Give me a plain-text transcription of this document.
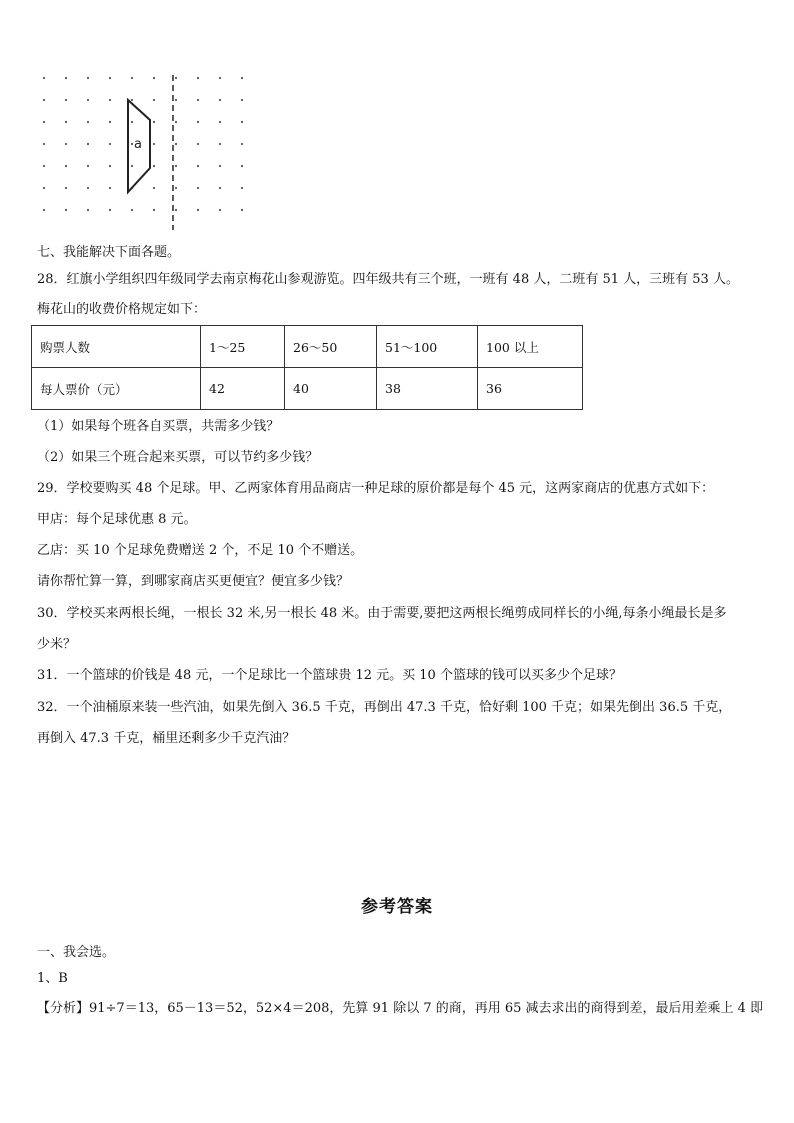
a
七、我能解决下面各题。
28．红旗小学组织四年级同学去南京梅花山参观游览。四年级共有三个班，一班有 48 人，二班有 51 人，三班有 53 人。
梅花山的收费价格规定如下：
购票人数	1～25	26～50	51～100	100 以上
每人票价（元）	42	40	38	36
（1）如果每个班各自买票，共需多少钱？
（2）如果三个班合起来买票，可以节约多少钱？
29．学校要购买 48 个足球。甲、乙两家体育用品商店一种足球的原价都是每个 45 元，这两家商店的优惠方式如下：
甲店：每个足球优惠 8 元。
乙店：买 10 个足球免费赠送 2 个，不足 10 个不赠送。
请你帮忙算一算，到哪家商店买更便宜？便宜多少钱？
30．学校买来两根长绳，一根长 32 米,另一根长 48 米。由于需要,要把这两根长绳剪成同样长的小绳,每条小绳最长是多
少米？
31．一个篮球的价钱是 48 元，一个足球比一个篮球贵 12 元。买 10 个篮球的钱可以买多少个足球？
32．一个油桶原来装一些汽油，如果先倒入 36.5 千克，再倒出 47.3 千克，恰好剩 100 千克；如果先倒出 36.5 千克，
再倒入 47.3 千克，桶里还剩多少千克汽油？
参考答案
一、我会选。
1、B
【分析】91÷7＝13，65－13＝52，52×4＝208，先算 91 除以 7 的商，再用 65 减去求出的商得到差，最后用差乘上 4 即
